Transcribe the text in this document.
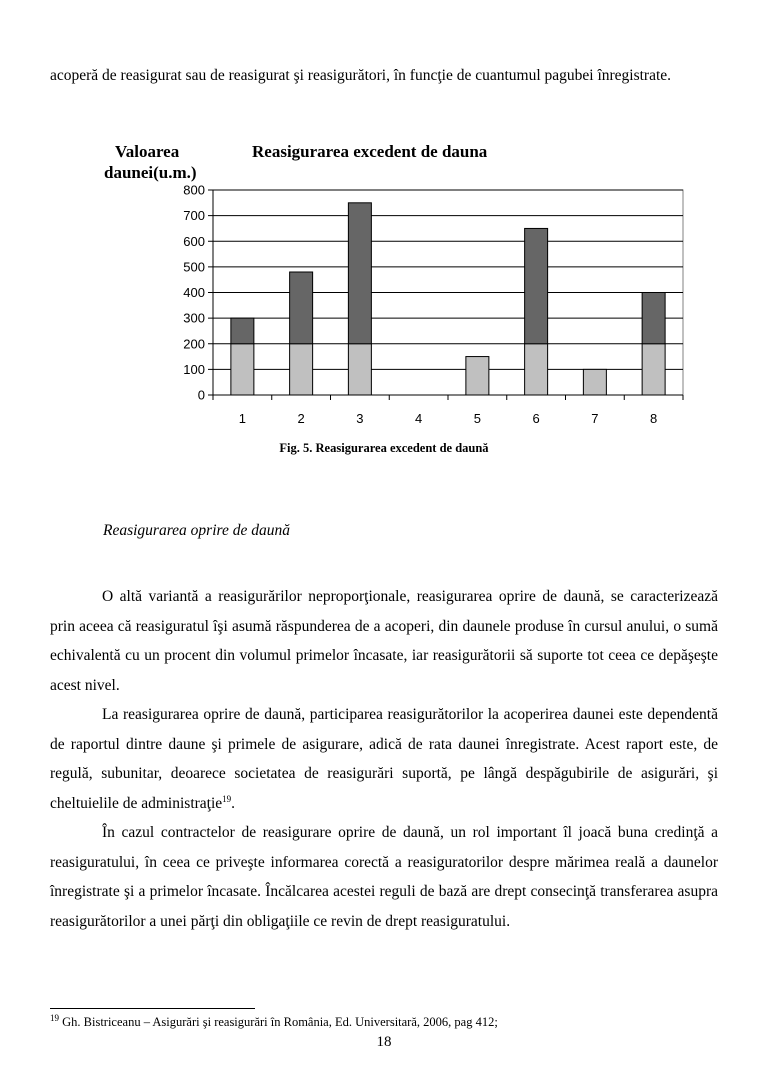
acoperă de reasigurat sau de reasigurat şi reasigurători, în funcţie de cuantumul pagubei înregistrate.

Valoarea
daunei(u.m.)
Reasigurarea excedent de dauna
0
100
200
300
400
500
600
700
800
1	2	3	4	5	6	7	8
Fig. 5. Reasigurarea excedent de daună
Reasigurarea oprire de daună

O altă variantă a reasigurărilor neproporţionale, reasigurarea oprire de daună, se caracterizează prin aceea că reasiguratul îşi asumă răspunderea de a acoperi, din daunele produse în cursul anului, o sumă echivalentă cu un procent din volumul primelor încasate, iar reasigurătorii să suporte tot ceea ce depăşeşte acest nivel.

La reasigurarea oprire de daună, participarea reasigurătorilor la acoperirea daunei este dependentă de raportul dintre daune şi primele de asigurare, adică de rata daunei înregistrate. Acest raport este, de regulă, subunitar, deoarece societatea de reasigurări suportă, pe lângă despăgubirile de asigurări, şi cheltuielile de administraţie$^{19}$.

În cazul contractelor de reasigurare oprire de daună, un rol important îl joacă buna credinţă a reasiguratului, în ceea ce priveşte informarea corectă a reasiguratorilor despre mărimea reală a daunelor înregistrate şi a primelor încasate. Încălcarea acestei reguli de bază are drept consecinţă transferarea asupra reasigurătorilor a unei părţi din obligaţiile ce revin de drept reasiguratului.

$^{19}$ Gh. Bistriceanu – Asigurări şi reasigurări în România, Ed. Universitară, 2006, pag 412;
18
